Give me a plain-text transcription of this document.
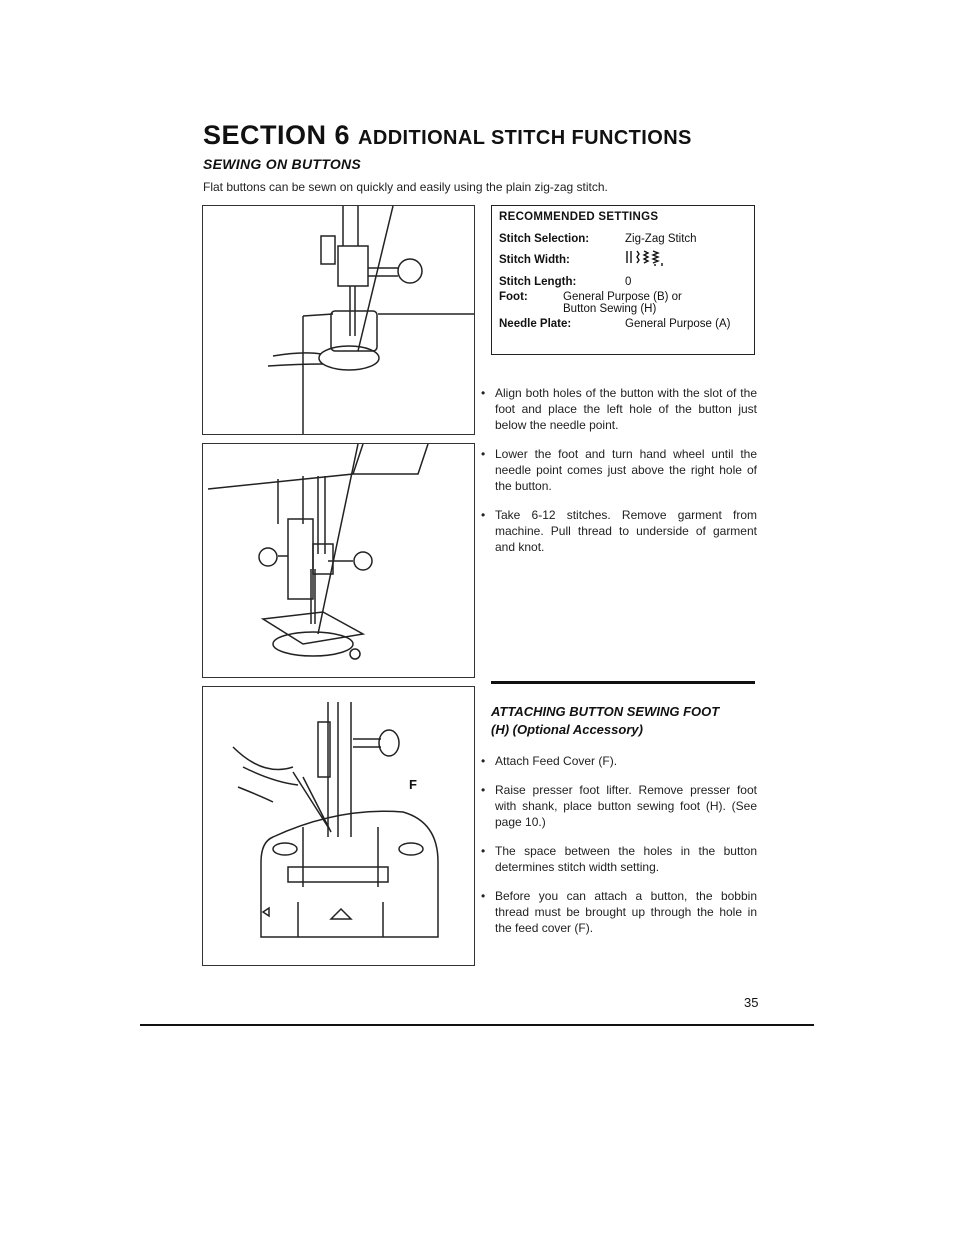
SECTION 6 ADDITIONAL STITCH FUNCTIONS
SEWING ON BUTTONS
Flat buttons can be sewn on quickly and easily using the plain zig-zag stitch.
F
RECOMMENDED SETTINGS
Stitch Selection:	Zig-Zag Stitch
Stitch Width:
Stitch Length:	0
Foot:	General Purpose (B) or
Button Sewing (H)
Needle Plate:	General Purpose (A)
• Align both holes of the button with the slot of the foot and place the left hole of the button just below the needle point.
• Lower the foot and turn hand wheel until the needle point comes just above the right hole of the button.
• Take 6-12 stitches. Remove garment from machine. Pull thread to underside of garment and knot.
ATTACHING BUTTON SEWING FOOT
(H) (Optional Accessory)
• Attach Feed Cover (F).
• Raise presser foot lifter. Remove presser foot with shank, place button sewing foot (H). (See page 10.)
• The space between the holes in the button determines stitch width setting.
• Before you can attach a button, the bobbin thread must be brought up through the hole in the feed cover (F).
35
